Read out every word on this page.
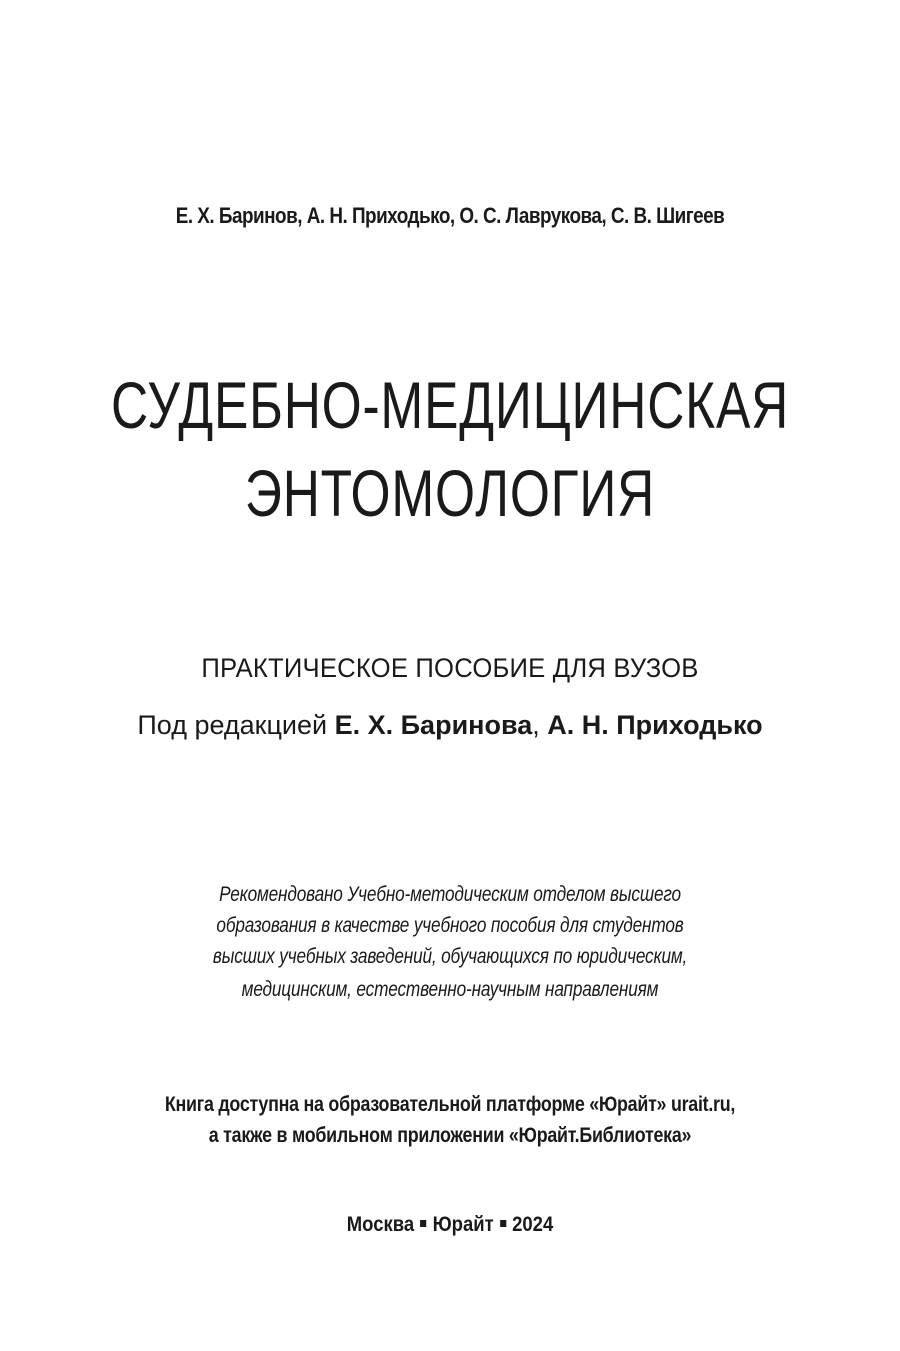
Е. Х. Баринов, А. Н. Приходько, О. С. Лаврукова, С. В. Шигеев
СУДЕБНО-МЕДИЦИНСКАЯ
ЭНТОМОЛОГИЯ
ПРАКТИЧЕСКОЕ ПОСОБИЕ ДЛЯ ВУЗОВ
Под редакцией Е. Х. Баринова, А. Н. Приходько
Рекомендовано Учебно-методическим отделом высшего
образования в качестве учебного пособия для студентов
высших учебных заведений, обучающихся по юридическим,
медицинским, естественно-научным направлениям
Книга доступна на образовательной платформе «Юрайт» urait.ru,
а также в мобильном приложении «Юрайт.Библиотека»
Москва Юрайт 2024
